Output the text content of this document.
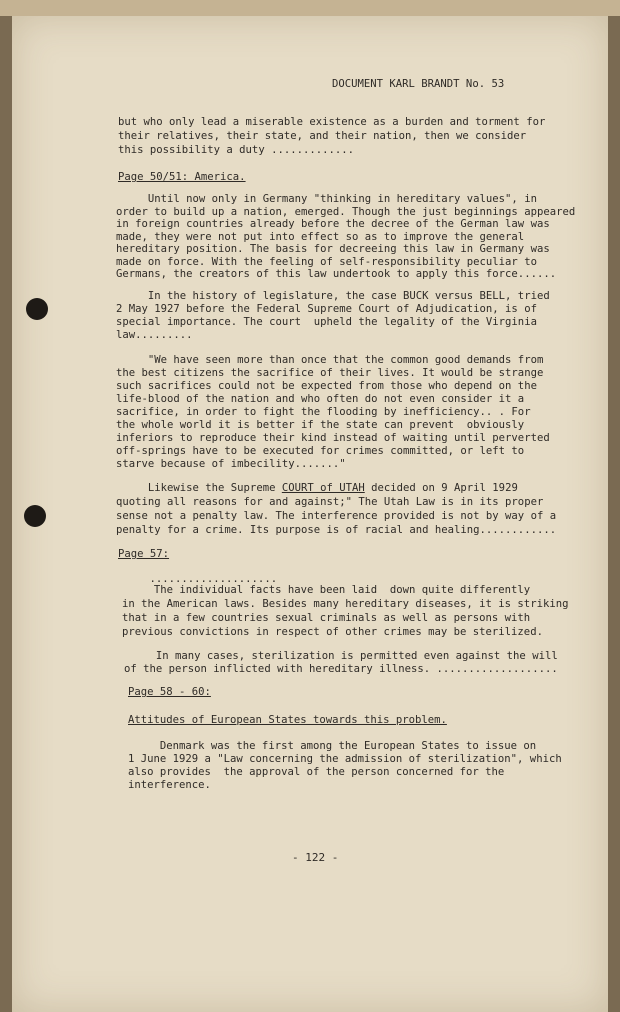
DOCUMENT KARL BRANDT No. 53

but who only lead a miserable existence as a burden and torment for

their relatives, their state, and their nation, then we consider

this possibility a duty .............

Page 50/51: America.

Until now only in Germany "thinking in hereditary values", in

order to build up a nation, emerged. Though the just beginnings appeared

in foreign countries already before the decree of the German law was

made, they were not put into effect so as to improve the general

hereditary position. The basis for decreeing this law in Germany was

made on force. With the feeling of self-responsibility peculiar to

Germans, the creators of this law undertook to apply this force......

In the history of legislature, the case BUCK versus BELL, tried

2 May 1927 before the Federal Supreme Court of Adjudication, is of

special importance. The court  upheld the legality of the Virginia

law.........

"We have seen more than once that the common good demands from

the best citizens the sacrifice of their lives. It would be strange

such sacrifices could not be expected from those who depend on the

life-blood of the nation and who often do not even consider it a

sacrifice, in order to fight the flooding by inefficiency.. . For

the whole world it is better if the state can prevent  obviously

inferiors to reproduce their kind instead of waiting until perverted

off-springs have to be executed for crimes committed, or left to

starve because of imbecility......."

Likewise the Supreme COURT of UTAH decided on 9 April 1929

quoting all reasons for and against;" The Utah Law is in its proper

sense not a penalty law. The interference provided is not by way of a

penalty for a crime. Its purpose is of racial and healing............

Page 57:

....................

The individual facts have been laid  down quite differently

in the American laws. Besides many hereditary diseases, it is striking

that in a few countries sexual criminals as well as persons with

previous convictions in respect of other crimes may be sterilized.

In many cases, sterilization is permitted even against the will

of the person inflicted with hereditary illness. ...................

Page 58 - 60:

Attitudes of European States towards this problem.

Denmark was the first among the European States to issue on

1 June 1929 a "Law concerning the admission of sterilization", which

also provides  the approval of the person concerned for the

interference.

- 122 -
